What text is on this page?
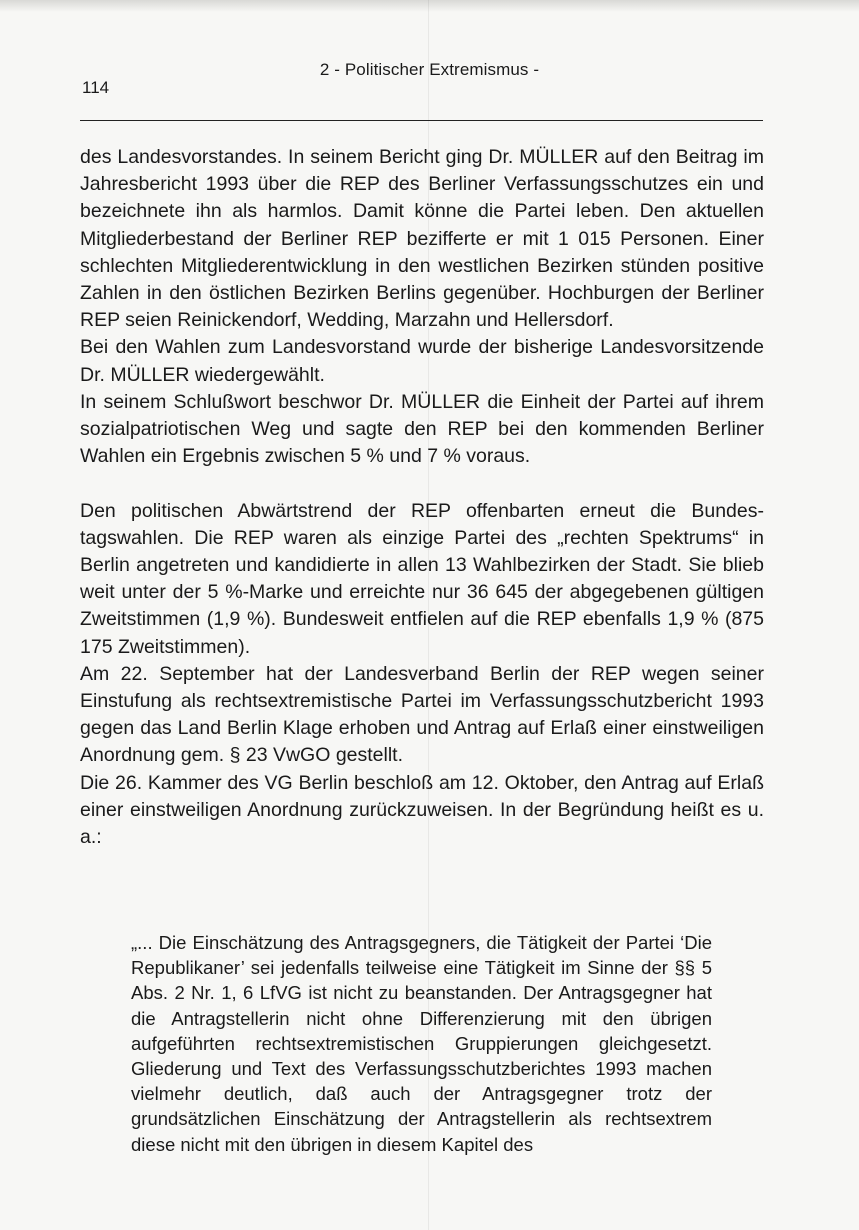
2 - Politischer Extremismus -
114

des Landesvorstandes. In seinem Bericht ging Dr. MÜLLER auf den Beitrag im Jahresbericht 1993 über die REP des Berliner Verfassungsschutzes ein und bezeichnete ihn als harmlos. Damit könne die Partei leben. Den aktuellen Mitgliederbestand der Berliner REP bezifferte er mit 1 015 Personen. Einer schlechten Mitgliederentwicklung in den westlichen Bezirken stünden positive Zahlen in den östlichen Bezirken Berlins gegenüber. Hochburgen der Berliner REP seien Reinickendorf, Wedding, Marzahn und Hellersdorf.

Bei den Wahlen zum Landesvorstand wurde der bisherige Landesvorsitzende Dr. MÜLLER wiedergewählt.

In seinem Schlußwort beschwor Dr. MÜLLER die Einheit der Partei auf ihrem sozialpatriotischen Weg und sagte den REP bei den kommenden Berliner Wahlen ein Ergebnis zwischen 5 % und 7 % voraus.

Den politischen Abwärtstrend der REP offenbarten erneut die Bundestagswahlen. Die REP waren als einzige Partei des „rechten Spektrums“ in Berlin angetreten und kandidierte in allen 13 Wahlbezirken der Stadt. Sie blieb weit unter der 5 %-Marke und erreichte nur 36 645 der abgegebenen gültigen Zweitstimmen (1,9 %). Bundesweit entfielen auf die REP ebenfalls 1,9 % (875 175 Zweitstimmen).

Am 22. September hat der Landesverband Berlin der REP wegen seiner Einstufung als rechtsextremistische Partei im Verfassungsschutzbericht 1993 gegen das Land Berlin Klage erhoben und Antrag auf Erlaß einer einstweiligen Anordnung gem. § 23 VwGO gestellt.

Die 26. Kammer des VG Berlin beschloß am 12. Oktober, den Antrag auf Erlaß einer einstweiligen Anordnung zurückzuweisen. In der Begründung heißt es u. a.:

„... Die Einschätzung des Antragsgegners, die Tätigkeit der Partei ‘Die Republikaner’ sei jedenfalls teilweise eine Tätigkeit im Sinne der §§ 5 Abs. 2 Nr. 1, 6 LfVG ist nicht zu beanstanden. Der Antragsgegner hat die Antragstellerin nicht ohne Differenzierung mit den übrigen aufgeführten rechtsextremistischen Gruppierungen gleichgesetzt. Gliederung und Text des Verfassungsschutzberichtes 1993 machen vielmehr deutlich, daß auch der Antragsgegner trotz der grundsätzlichen Einschätzung der Antragstellerin als rechtsextrem diese nicht mit den übrigen in diesem Kapitel des
